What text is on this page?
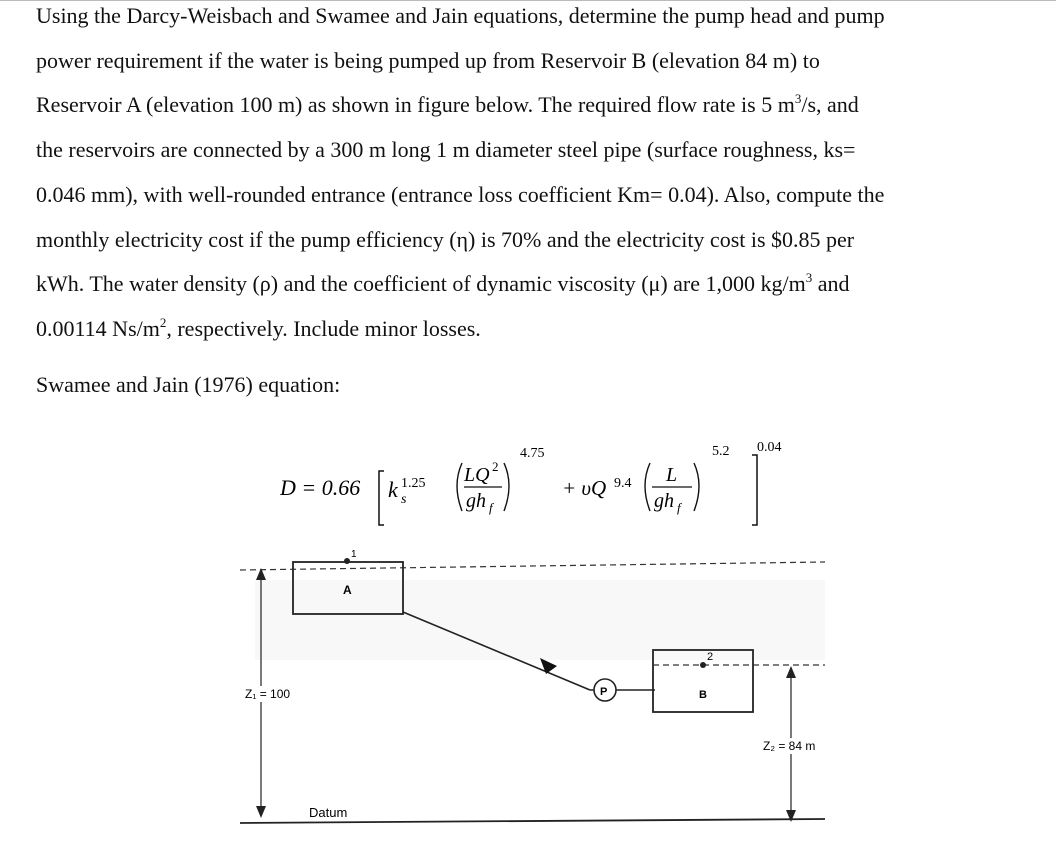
Using the Darcy-Weisbach and Swamee and Jain equations, determine the pump head and pump

power requirement if the water is being pumped up from Reservoir B (elevation 84 m) to

Reservoir A (elevation 100 m) as shown in figure below. The required flow rate is 5 $m^3/s$, and

the reservoirs are connected by a 300 m long 1 m diameter steel pipe (surface roughness, ks=

0.046 mm), with well-rounded entrance (entrance loss coefficient Km= 0.04). Also, compute the

monthly electricity cost if the pump efficiency (η) is 70% and the electricity cost is $0.85 per

kWh. The water density (ρ) and the coefficient of dynamic viscosity (μ) are 1,000 $kg/m^3$ and

0.00114 $Ns/m^2$, respectively. Include minor losses.

Swamee and Jain (1976) equation:
D = 0.66 k s
1.25 LQ 2
gh f
4.75
+ υQ 9.4 L
gh f
5.2 0.04
A
1
P
2
B
Z₁ = 100
Z₂ = 84 m
Datum
